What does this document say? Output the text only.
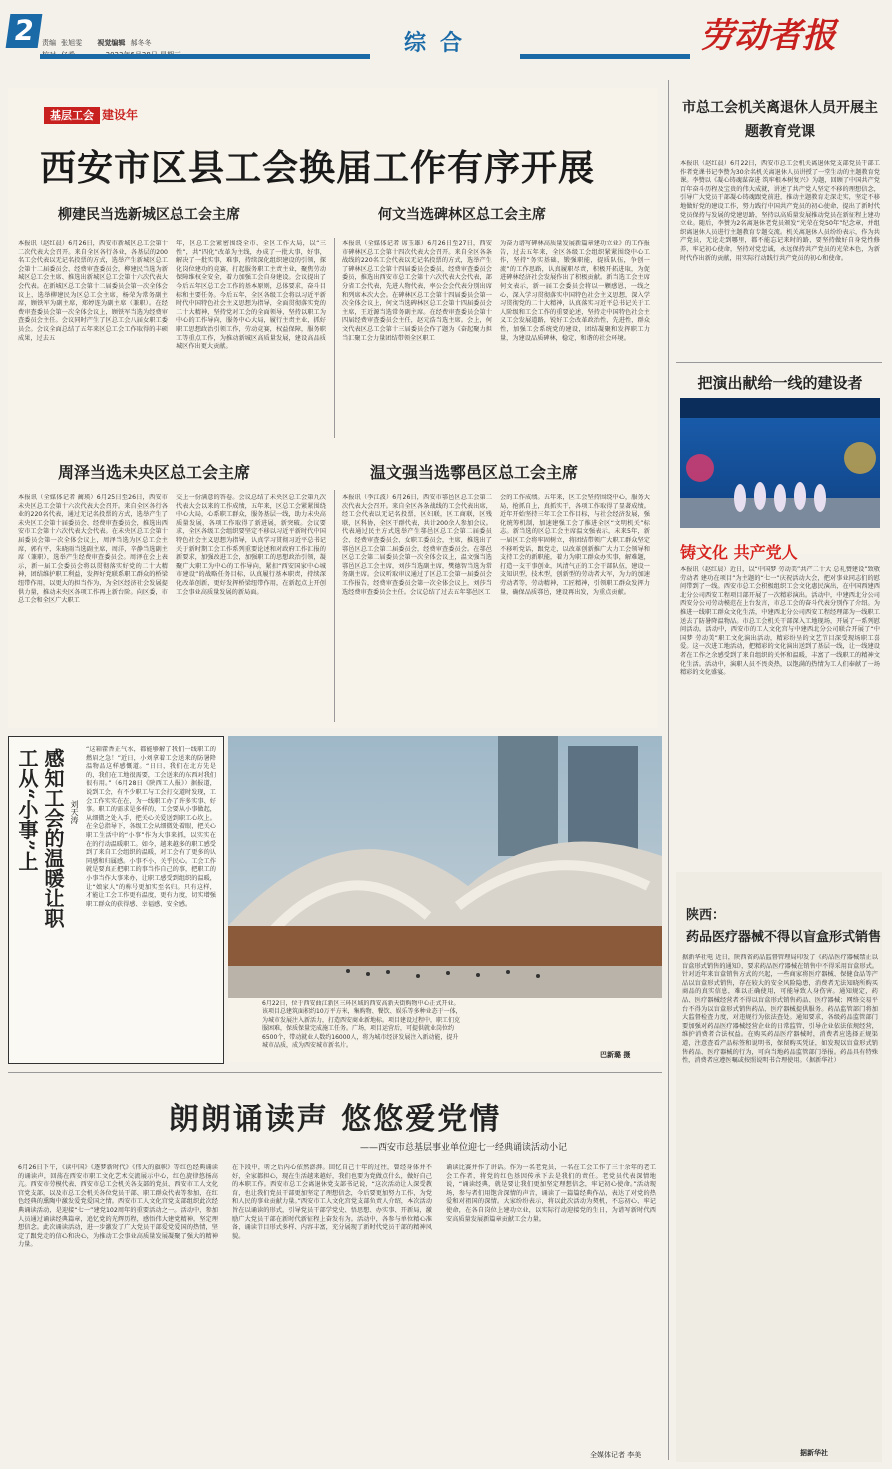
2 责编 张旭雯 视觉编辑 郝冬冬
	综合	劳动者报
基层工会 建设年
西安市区县工会换届工作有序开展
柳建民当选新城区总工会主席	何文当选碑林区总工会主席
本报讯（赵红晨）6月26日，西安市新城区总工会第十二次代表大会召开。来自全区各行各业，各基层的200名工会代表以无记名投票的方式，选举产生新城区总工会第十二届委员会、经费审查委员会，柳建民当选为新城区总工会主席、推选出新城区总工会第十六次代表大会代表。在新城区总工会第十二届委员会第一次全体会议上，选举柳建民为区总工会主席，杨荣为常务副主席，顾铁军为副主席，郑婷连为副主席（兼职）。在经费审查委员会第一次全体会议上，顾铁军当选为经费审查委员会主任。会议同时产生了区总工会八届女职工委员会。会议全面总结了五年来区总工会工作取得的丰硕成果，过去五
年，区总工会紧密围绕全市、全区工作大局，以“三性”，共“四化”改革为主线，办成了一批大事，好事，解决了一批实事，难事，持续深化组织建设的引领，探化岗位建功的竞赛，打起服务职工主责主业，聚焦劳动保障维权全安全，着力加强工会自身建设。会议提出了今后五年区总工会工作的基本原则，总体要求，奋斗目标和主要任务。今后五年，全区各级工会将以习近平新时代中国特色社会主义思想为指导，全面贯彻落实党的二十大精神，坚持党对工会的全面领导，坚持以职工为中心的工作导向，服务中心大局，履行主责主业，抓好职工思想政治引领工作，劳动竞赛，权益保障，服务职工等重点工作，为推动新城区高质量发展，建设高品质城区作出更大贡献。
本报讯（全媒体记者 席玉雄）6月26日至27日，西安市碑林区总工会第十四次代表大会召开。来自全区各条战线的220名工会代表以无记名投票的方式，选举产生了碑林区总工会第十四届委员会委员，经费审查委员会委员，推选出西安市总工会第十六次代表大会代表，部分省工会代表，先进人物代表，率公会会代表分别出席和列席本次大会。在碑林区总工会第十四届委员会第一次全体会议上，何文当选碑林区总工会第十四届委员会主席，王近源当选常务副主席。在经费审查委员会第十四届经费审查委员会主任，赵元浩当选主席。会上，何文代表区总工会第十三届委员会作了题为《奋起聚力担当汇聚工会力量团结带领全区职工
为奋力谱写碑林高质量发展新篇章建功立业》的工作报告，过去五年来，全区各级工会组织紧紧围绕中心工作，坚持“务实基础，锻强职能，提质队伍，争创一流”的工作思路，认真履职尽责，积极开拓进取，为促进碑林经济社会发展作出了积极贡献。新当选工会主席何文表示，新一届工会委员会将以一颗感恩，一线之心，深入学习贯彻落实中国特色社会主义思想，深入学习贯彻党的二十大精神，认真落实习近平总书记关于工人阶级和工会工作的重要论述，坚持走中国特色社会主义工会发展道路，锐好工会改革政治性，先进性，群众性，加强工会系统党的建设，团结凝聚和发挥职工力量，为建设品质碑林，稳定，和谐的社会环境。
周泽当选未央区总工会主席	温文强当选鄠邑区总工会主席
本报讯（全媒体记者 蔺瑛）6月25日至26日，西安市未央区总工会第十六次代表大会召开。来自全区各行各业的220名代表，通过无记名投票的方式，选举产生了未央区工会第十届委员会、经费审查委员会，推选出西安市工会第十六次代表大会代表。在未央区总工会第十届委员会第一次全体会议上，周泽当选为区总工会主席，郭有平，朱晓雨当选副主席，周洋，辛静当选副主席（兼职），选举产生经费审查委员会。周泽在会上表示，新一届工会委员会将以贯彻落实好党的二十大精神，团结维护职工利益，发挥好党联系职工群众的桥梁纽带作用，以更大的担当作为，为全区经济社会发展提供力量，推动未央区各项工作再上新台阶。向区委，市总工会和全区广大职工
交上一份满意的答卷。会议总结了未央区总工会第九次代表大会以来的工作成绩，五年来，区总工会紧紧围绕中心大局，心系职工群众，服务基层一线，助力未央高质量发展，各项工作取得了新进展，新突破。会议要求，全区各级工会组织要坚定不移以习近平新时代中国特色社会主义思想为指导，认真学习贯彻习近平总书记关于新时期工会工作系列重要论述和对政府工作汇报的新要求，加强改进工会，加强职工的思想政治引领，凝聚广大职工为中心的工作导向，紧扣“西安国家中心城市建设”的战略任务目标，认真履行基本职责，持续深化改革创新，更好发挥桥梁纽带作用，在新起点上开创工会事业高质量发展的新局面。
本报讯（李江波）6月26日，西安市鄠邑区总工会第二次代表大会召开。来自全区各条战线的工会代表出席，经工会代表以无记名投票，区妇联，区工商联，区残联，区科协，全区干群代表，共计200余人参加会议。代表通过民主方式选举产生鄠邑区总工会第二届委员会、经费审查委员会、女职工委员会，主席，推选出了鄠邑区总工会第二届委员会，经费审查委员会。在鄠邑区总工会第二届委员会第一次全体会议上，温文强当选鄠邑区总工会主席，刘莎当选副主席，樊德智当选为常务副主席。会议听取审议通过了区总工会第一届委员会工作报告，经费审查委员会第一次全体会议上，刘莎当选经费审查委员会主任。会议总结了过去五年鄠邑区工
会的工作成绩。五年来，区工会坚持围绕中心，服务大局，抢抓自上，真抓实干，各项工作取得了显著成绩。近年开始坚持三年工会工作目标，与社会经济发展，强化统筹机制，加速建强工会了推进全区“文明机关”标志。新当选的区总工会主席温文强表示，未来5年，新一届区工会将牢固树立，将团结带领广大职工群众坚定不移听党话，跟党走，以改革创新推广大力工会领导和支持工会的新职能，着力为职工群众办实事，解难题，打造一支干事创业，风清气正的工会干部队伍，建设一支知识型，技术型，创新型的劳动者大军，为力的加速劳动者等，劳动精神，工匠精神，引领职工群众发挥力量，确保品质鄠邑，建设再出发，为重点贡献。
市总工会机关离退休人员开展主题教育党课
本报讯（赵红晨）6月22日，西安市总工会机关离退休党支部党员干部工作者党课书记李赞为30余名机关离退休人员讲授了一堂生动的主题教育党课。李赞以《凝心铸魂谋奋进 筑牢根本树复兴》为题，回顾了中国共产党百年奋斗历程及宝贵的伟大成就，讲述了共产党人坚定不移的理想信念，引导广大党员干部凝心铸魂跟党前进，推动主题教育走深走实，坚定不移地做好党的建设工作，努力践行中国共产党员的初心使命，提出了新时代党员保持与发展的党建思路，坚持以高质量发展推动党员在新征程上建功立业。随后，李赞为2名离退休老党员颁发“光荣在党50年”纪念章，并组织离退休人员进行主题教育专题交流。机关离退休人员纷纷表示，作为共产党员，无论走到哪里，都不能忘记来时的路，要坚持做好自身党性修养，牢记初心使命，坚持对党忠诚，永远保持共产党员的光荣本色，为新时代作出新的贡献，用实际行动践行共产党员的初心和使命。
把演出献给一线的建设者
铸文化 共产党人
本报讯（赵红晨）近日，以“中国梦 劳动美”共产二十大 总礼赞建设”致敬劳动者 建功在项目”为主题的“七一”庆祝活动大会，把对事业同志们的慰问带到了一线。西安市总工会积极组织工会文化惠民演出，在中国西建西北分公司西安工程项目部开展了一次精彩演出。活动中，中建西北分公司西安分公司劳动模范在上台发言，市总工会的奋斗代表分别作了介绍。为推进一线职工群众文化生活，中建西北分公司西安工程经理部为一线职工送去了防暑降温物品。市总工会机关干部深入工地现场，开展了一系列慰问活动。活动中，西安市的工人文化宫与中建西北分公司联合开展了“中国梦 劳动美”职工文化演出活动，精彩纷呈的文艺节目深受现场职工喜爱。这一次进工地活动，把精彩的文化演出送到了基层一线，让一线建设者在工作之余感受到了来自组织的关怀和温暖，丰富了一线职工的精神文化生活。活动中，演职人员不畏炎热，以饱满的热情为工人们奉献了一场精彩的文化盛宴。
陕西：
药品医疗器械不得以盲盒形式销售
据新华社电 近日，陕西省药品监督管理局印发了《药品医疗器械禁止以盲盒形式销售的通知》，要求药品医疗器械在销售中不得采用盲盒形式。针对近年来盲盒销售方式的兴起，一些商家将医疗器械、保健食品等产品以盲盒形式销售，存在较大的安全风险隐患，消费者无法知晓所购买商品的真实信息，难以正确使用，可能导致人身伤害。通知规定，药品、医疗器械经营者不得以盲盒形式销售药品、医疗器械；网络交易平台不得为以盲盒形式销售药品、医疗器械提供服务。药品监管部门将加大监督检查力度，对违规行为依法查处。通知要求，各级药品监管部门要加强对药品医疗器械经营企业的日常监管，引导企业依法依规经营，维护消费者合法权益。在购买药品医疗器械时，消费者应选择正规渠道，注意查看产品标签和说明书，保留购买凭证，如发现以盲盒形式销售药品、医疗器械的行为，可向当地药品监管部门举报。药品具有特殊性，消费者应遵医嘱或按照说明书合理使用。（据新华社）
据新华社
感知工会的温暖让职工从“小事”上	刘天涛
“这箱藿香正气水，都能够解了我们一线职工的燃眉之急！”近日，小刘拿着工会送来的防暑降温物品这样感慨道。“日日，我们在北方先是的，我们在工地很需要，工会送来的东西对我们很有用。”（6月28日《陕西工人报》）据报道，说到工会，有不少职工与工会打交道时发现，工会工作实实在在，为一线职工办了许多实事、好事。职工的需求是多样的，工会要从小事做起，从细微之处入手，把关心关爱送到职工心坎上。在全总指导下，各级工会从细微处着眼，把关心职工生活中的“小事”作为大事来抓，以实实在在的行动温暖职工。如今，越来越多的职工感受到了来自工会组织的温暖，对工会有了更多的认同感和归属感。小事不小，关乎民心。工会工作就是要真正把职工的事当作自己的事，把职工的小事当作大事来办，让职工感受到组织的温暖，让“娘家人”的称号更加实至名归。只有这样，才能让工会工作更有温度，更有力度，切实增强职工群众的获得感、幸福感、安全感。
6月22日，位于西安曲江新区三环区域的西安高新天街购物中心正式开业。该项目总建筑面积约10万平方米，集购物、餐饮、娱乐等多种业态于一体，为城市发展注入新活力，打造西安商业新地标。项目建设过程中，职工们克服困难，保质保量完成施工任务。广场，项目运营后，可提供就业岗位约6500个，带动就业人数约16000人，将为城市经济发展注入新动能，提升城市品质，成为西安城市新名片。
巴新璐 摄
朗朗诵读声 悠悠爱党情
——西安市总基层事业单位迎七一经典诵读活动小记
6月26日下午，《读中国》《逐梦新时代》《伟大的旗帜》等红色经典诵读的诵读声，回荡在西安市职工文化艺术交流展示中心，红色旋律悠扬高亢。西安市劳模代表、西安市总工会机关各支部的党员、西安市工人文化宫党支部，以及市总工会机关各位党员干部、职工群众代表等参加，在红色经典的熏陶中激发爱党爱国之情。西安市工人文化宫党支部组织此次经典诵读活动，是迎接“七一”建党102周年的重要活动之一。活动中，参加人员通过诵读经典篇章，追忆党的光辉历程，感悟伟大建党精神，坚定理想信念。此次诵读活动，进一步激发了广大党员干部爱党爱国的热情，坚定了跟党走的信心和决心，为推动工会事业高质量发展凝聚了强大的精神力量。
在下段中，听之后内心依然澎湃。回忆自己十年的过往，曾经身体并不好，全家都担心，现在生活越来越好，我们也要为党做点什么，做好自己的本职工作。西安市总工会离退休党支部书记说，“这次活动让人深受教育，也让我们党员干部更加坚定了理想信念，今后要更加努力工作，为党和人民的事业贡献力量。”西安市工人文化宫党支部负责人介绍，本次活动旨在以诵读的形式，引导党员干部学党史、悟思想、办实事、开新局，激励广大党员干部在新时代新征程上奋发有为。活动中，各参与单位精心准备，诵读节目形式多样、内容丰富，充分展现了新时代党员干部的精神风貌。
诵读比赛并作了讲话。作为一名老党员，一名在工会工作了三十余年的老工会工作者，将党的红色基因传承下去是我们的责任。老党员代表深情地说，“诵读经典，就是要让我们更加坚定理想信念，牢记初心使命。”活动现场，参与者们用饱含深情的声音，诵读了一篇篇经典作品，表达了对党的热爱和对祖国的深情。大家纷纷表示，将以此次活动为契机，不忘初心、牢记使命，在各自岗位上建功立业，以实际行动迎接党的生日，为谱写新时代西安高质量发展新篇章贡献工会力量。
全媒体记者 李美
